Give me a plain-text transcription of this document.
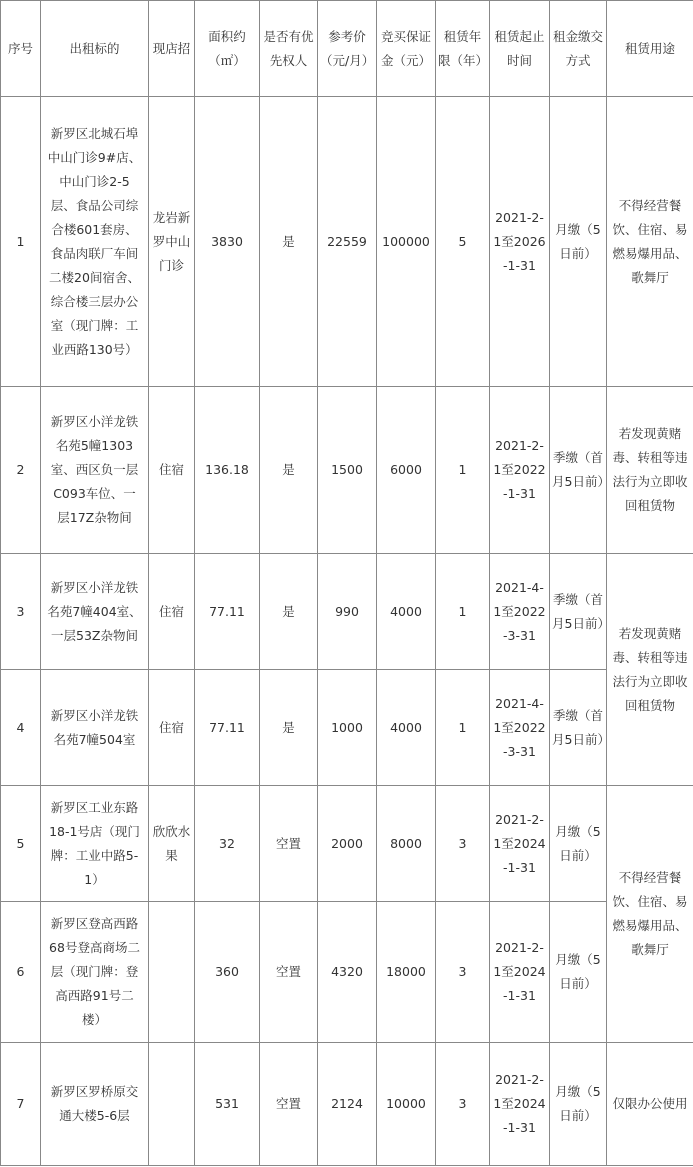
序号	出租标的	现店招	面积约（㎡）	是否有优先权人	参考价（元/月）	竞买保证金（元）	租赁年限（年）	租赁起止时间	租金缴交方式	租赁用途
1	新罗区北城石埠中山门诊9#店、中山门诊2-5层、食品公司综合楼601套房、食品肉联厂车间二楼20间宿舍、综合楼三层办公室（现门牌：工业西路130号）	龙岩新罗中山门诊	3830	是	22559	100000	5	2021-2-1至2026-1-31	月缴（5日前）	不得经营餐饮、住宿、易燃易爆用品、歌舞厅
2	新罗区小洋龙铁名苑5幢1303室、西区负一层C093车位、一层17Z杂物间	住宿	136.18	是	1500	6000	1	2021-2-1至2022-1-31	季缴（首月5日前）	若发现黄赌毒、转租等违法行为立即收回租赁物
3	新罗区小洋龙铁名苑7幢404室、一层53Z杂物间	住宿	77.11	是	990	4000	1	2021-4-1至2022-3-31	季缴（首月5日前）	若发现黄赌毒、转租等违法行为立即收回租赁物
4	新罗区小洋龙铁名苑7幢504室	住宿	77.11	是	1000	4000	1	2021-4-1至2022-3-31	季缴（首月5日前）	
5	新罗区工业东路18-1号店（现门牌：工业中路5-1）	欣欣水果	32	空置	2000	8000	3	2021-2-1至2024-1-31	月缴（5日前）	不得经营餐饮、住宿、易燃易爆用品、歌舞厅
6	新罗区登高西路68号登高商场二层（现门牌：登高西路91号二楼）		360	空置	4320	18000	3	2021-2-1至2024-1-31	月缴（5日前）	
7	新罗区罗桥原交通大楼5-6层		531	空置	2124	10000	3	2021-2-1至2024-1-31	月缴（5日前）	仅限办公使用
